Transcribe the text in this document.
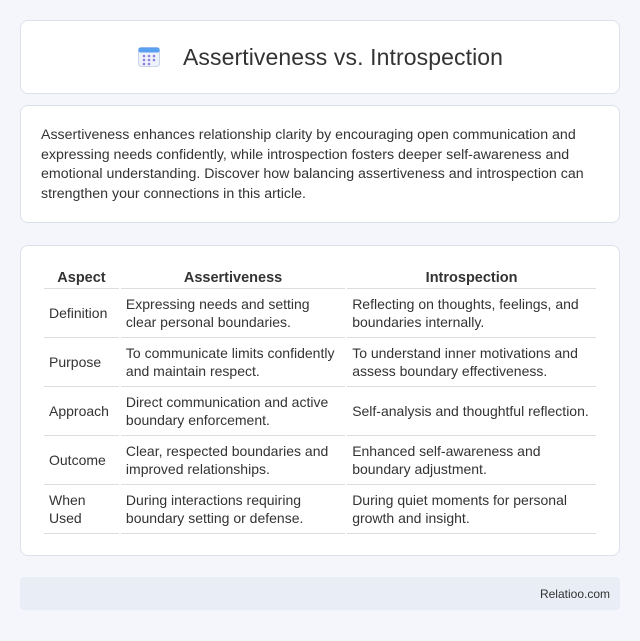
Assertiveness vs. Introspection

Assertiveness enhances relationship clarity by encouraging open communication and expressing needs confidently, while introspection fosters deeper self-awareness and emotional understanding. Discover how balancing assertiveness and introspection can strengthen your connections in this article.

Aspect	Assertiveness	Introspection
Definition	Expressing needs and setting clear personal boundaries.	Reflecting on thoughts, feelings, and boundaries internally.
Purpose	To communicate limits confidently and maintain respect.	To understand inner motivations and assess boundary effectiveness.
Approach	Direct communication and active boundary enforcement.	Self-analysis and thoughtful reflection.
Outcome	Clear, respected boundaries and improved relationships.	Enhanced self-awareness and boundary adjustment.
When Used	During interactions requiring boundary setting or defense.	During quiet moments for personal growth and insight.
Relatioo.com
